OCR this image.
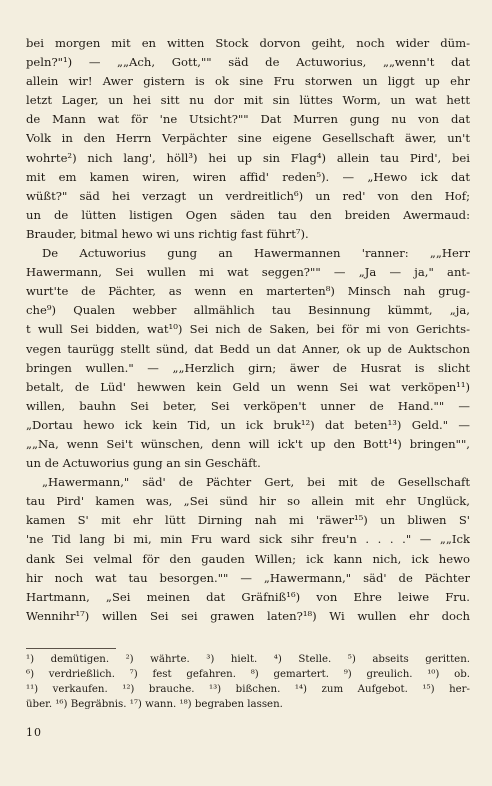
bei morgen mit en witten Stock dorvon geiht, noch wider düm-
peln?"¹) — „„Ach, Gott,"" säd de Actuworius, „„wenn't dat
allein wir! Awer gistern is ok sine Fru storwen un liggt up ehr
letzt Lager, un hei sitt nu dor mit sin lüttes Worm, un wat hett
de Mann wat för 'ne Utsicht?"" Dat Murren gung nu von dat
Volk in den Herrn Verpächter sine eigene Gesellschaft äwer, un't
wohrte²) nich lang', höll³) hei up sin Flag⁴) allein tau Pird', bei
mit em kamen wiren, wiren affid' reden⁵). — „Hewo ick dat
wüßt?" säd hei verzagt un verdreitlich⁶) un red' von den Hof;
un de lütten listigen Ogen säden tau den breiden Awermaud:
Brauder, bitmal hewo wi uns richtig fast führt⁷).
De Actuworius gung an Hawermannen 'ranner: „„Herr
Hawermann, Sei wullen mi wat seggen?"" — „Ja — ja," ant-
wurt'te de Pächter, as wenn en marterten⁸) Minsch nah grug-
che⁹) Qualen webber allmählich tau Besinnung kümmt, „ja,
t wull Sei bidden, wat¹⁰) Sei nich de Saken, bei för mi von Gerichts-
vegen taurügg stellt sünd, dat Bedd un dat Anner, ok up de Auktschon
bringen wullen." — „„Herzlich girn; äwer de Husrat is slicht
betalt, de Lüd' hewwen kein Geld un wenn Sei wat verköpen¹¹)
willen, bauhn Sei beter, Sei verköpen't unner de Hand."" —
„Dortau hewo ick kein Tid, un ick bruk¹²) dat beten¹³) Geld." —
„„Na, wenn Sei't wünschen, denn will ick't up den Bott¹⁴) bringen"",
un de Actuworius gung an sin Geschäft.
„Hawermann," säd' de Pächter Gert, bei mit de Gesellschaft
tau Pird' kamen was, „Sei sünd hir so allein mit ehr Unglück,
kamen S' mit ehr lütt Dirning nah mi 'räwer¹⁵) un bliwen S'
'ne Tid lang bi mi, min Fru ward sick sihr freu'n . . . ." — „„Ick
dank Sei velmal för den gauden Willen; ick kann nich, ick hewo
hir noch wat tau besorgen."" — „Hawermann," säd' de Pächter
Hartmann, „Sei meinen dat Gräfniß¹⁶) von Ehre leiwe Fru.
Wennihr¹⁷) willen Sei sei grawen laten?¹⁸) Wi wullen ehr doch
¹) demütigen. ²) währte. ³) hielt. ⁴) Stelle. ⁵) abseits geritten.
⁶) verdrießlich. ⁷) fest gefahren. ⁸) gemartert. ⁹) greulich. ¹⁰) ob.
¹¹) verkaufen. ¹²) brauche. ¹³) bißchen. ¹⁴) zum Aufgebot. ¹⁵) her-
über. ¹⁶) Begräbnis. ¹⁷) wann. ¹⁸) begraben lassen.
10
